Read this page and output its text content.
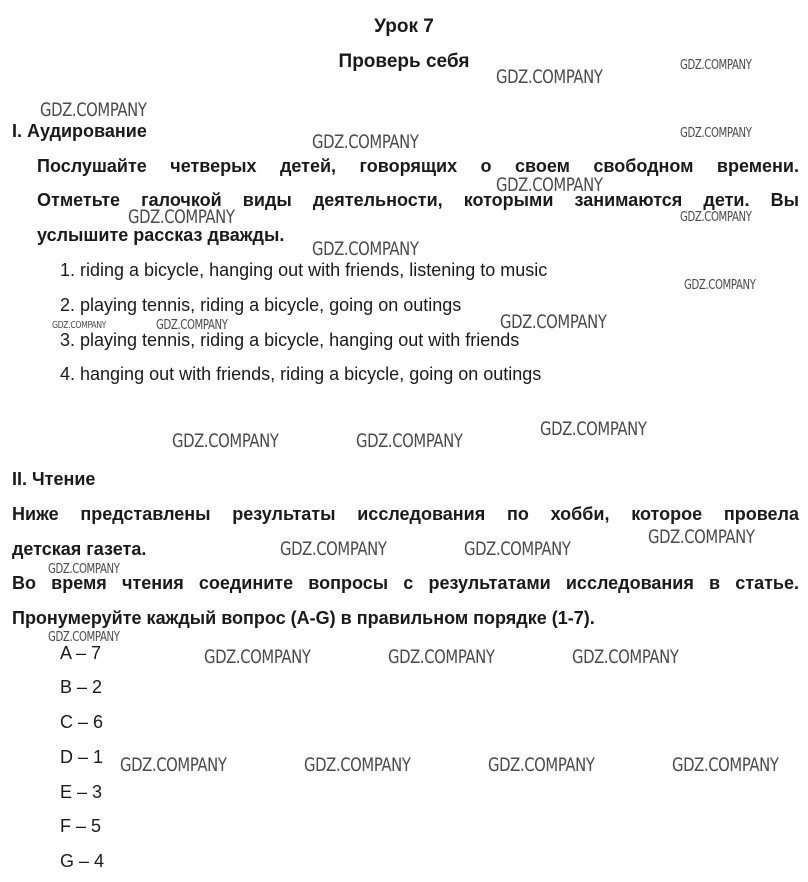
Урок 7
Проверь себя
I. Аудирование
Послушайте четверых детей, говорящих о своем свободном времени.
Отметьте галочкой виды деятельности, которыми занимаются дети. Вы
услышите рассказ дважды.
1. riding a bicycle, hanging out with friends, listening to music
2. playing tennis, riding a bicycle, going on outings
3. playing tennis, riding a bicycle, hanging out with friends
4. hanging out with friends, riding a bicycle, going on outings
II. Чтение
Ниже представлены результаты исследования по хобби, которое провела
детская газета.
Во время чтения соедините вопросы с результатами исследования в статье.
Пронумеруйте каждый вопрос (A-G) в правильном порядке (1-7).
A – 7
B – 2
C – 6
D – 1
E – 3
F – 5
G – 4
GDZ.COMPANY
GDZ.COMPANY
GDZ.COMPANY
GDZ.COMPANY	GDZ.COMPANY
GDZ.COMPANY
GDZ.COMPANY	GDZ.COMPANY
GDZ.COMPANY
GDZ.COMPANY
GDZ.COMPANY
GDZ.COMPANY	GDZ.COMPANY
GDZ.COMPANY	GDZ.COMPANY
GDZ.COMPANY
GDZ.COMPANY	GDZ.COMPANY
GDZ.COMPANY
GDZ.COMPANY
GDZ.COMPANY	GDZ.COMPANY	GDZ.COMPANY
GDZ.COMPANY
GDZ.COMPANY	GDZ.COMPANY	GDZ.COMPANY	GDZ.COMPANY
